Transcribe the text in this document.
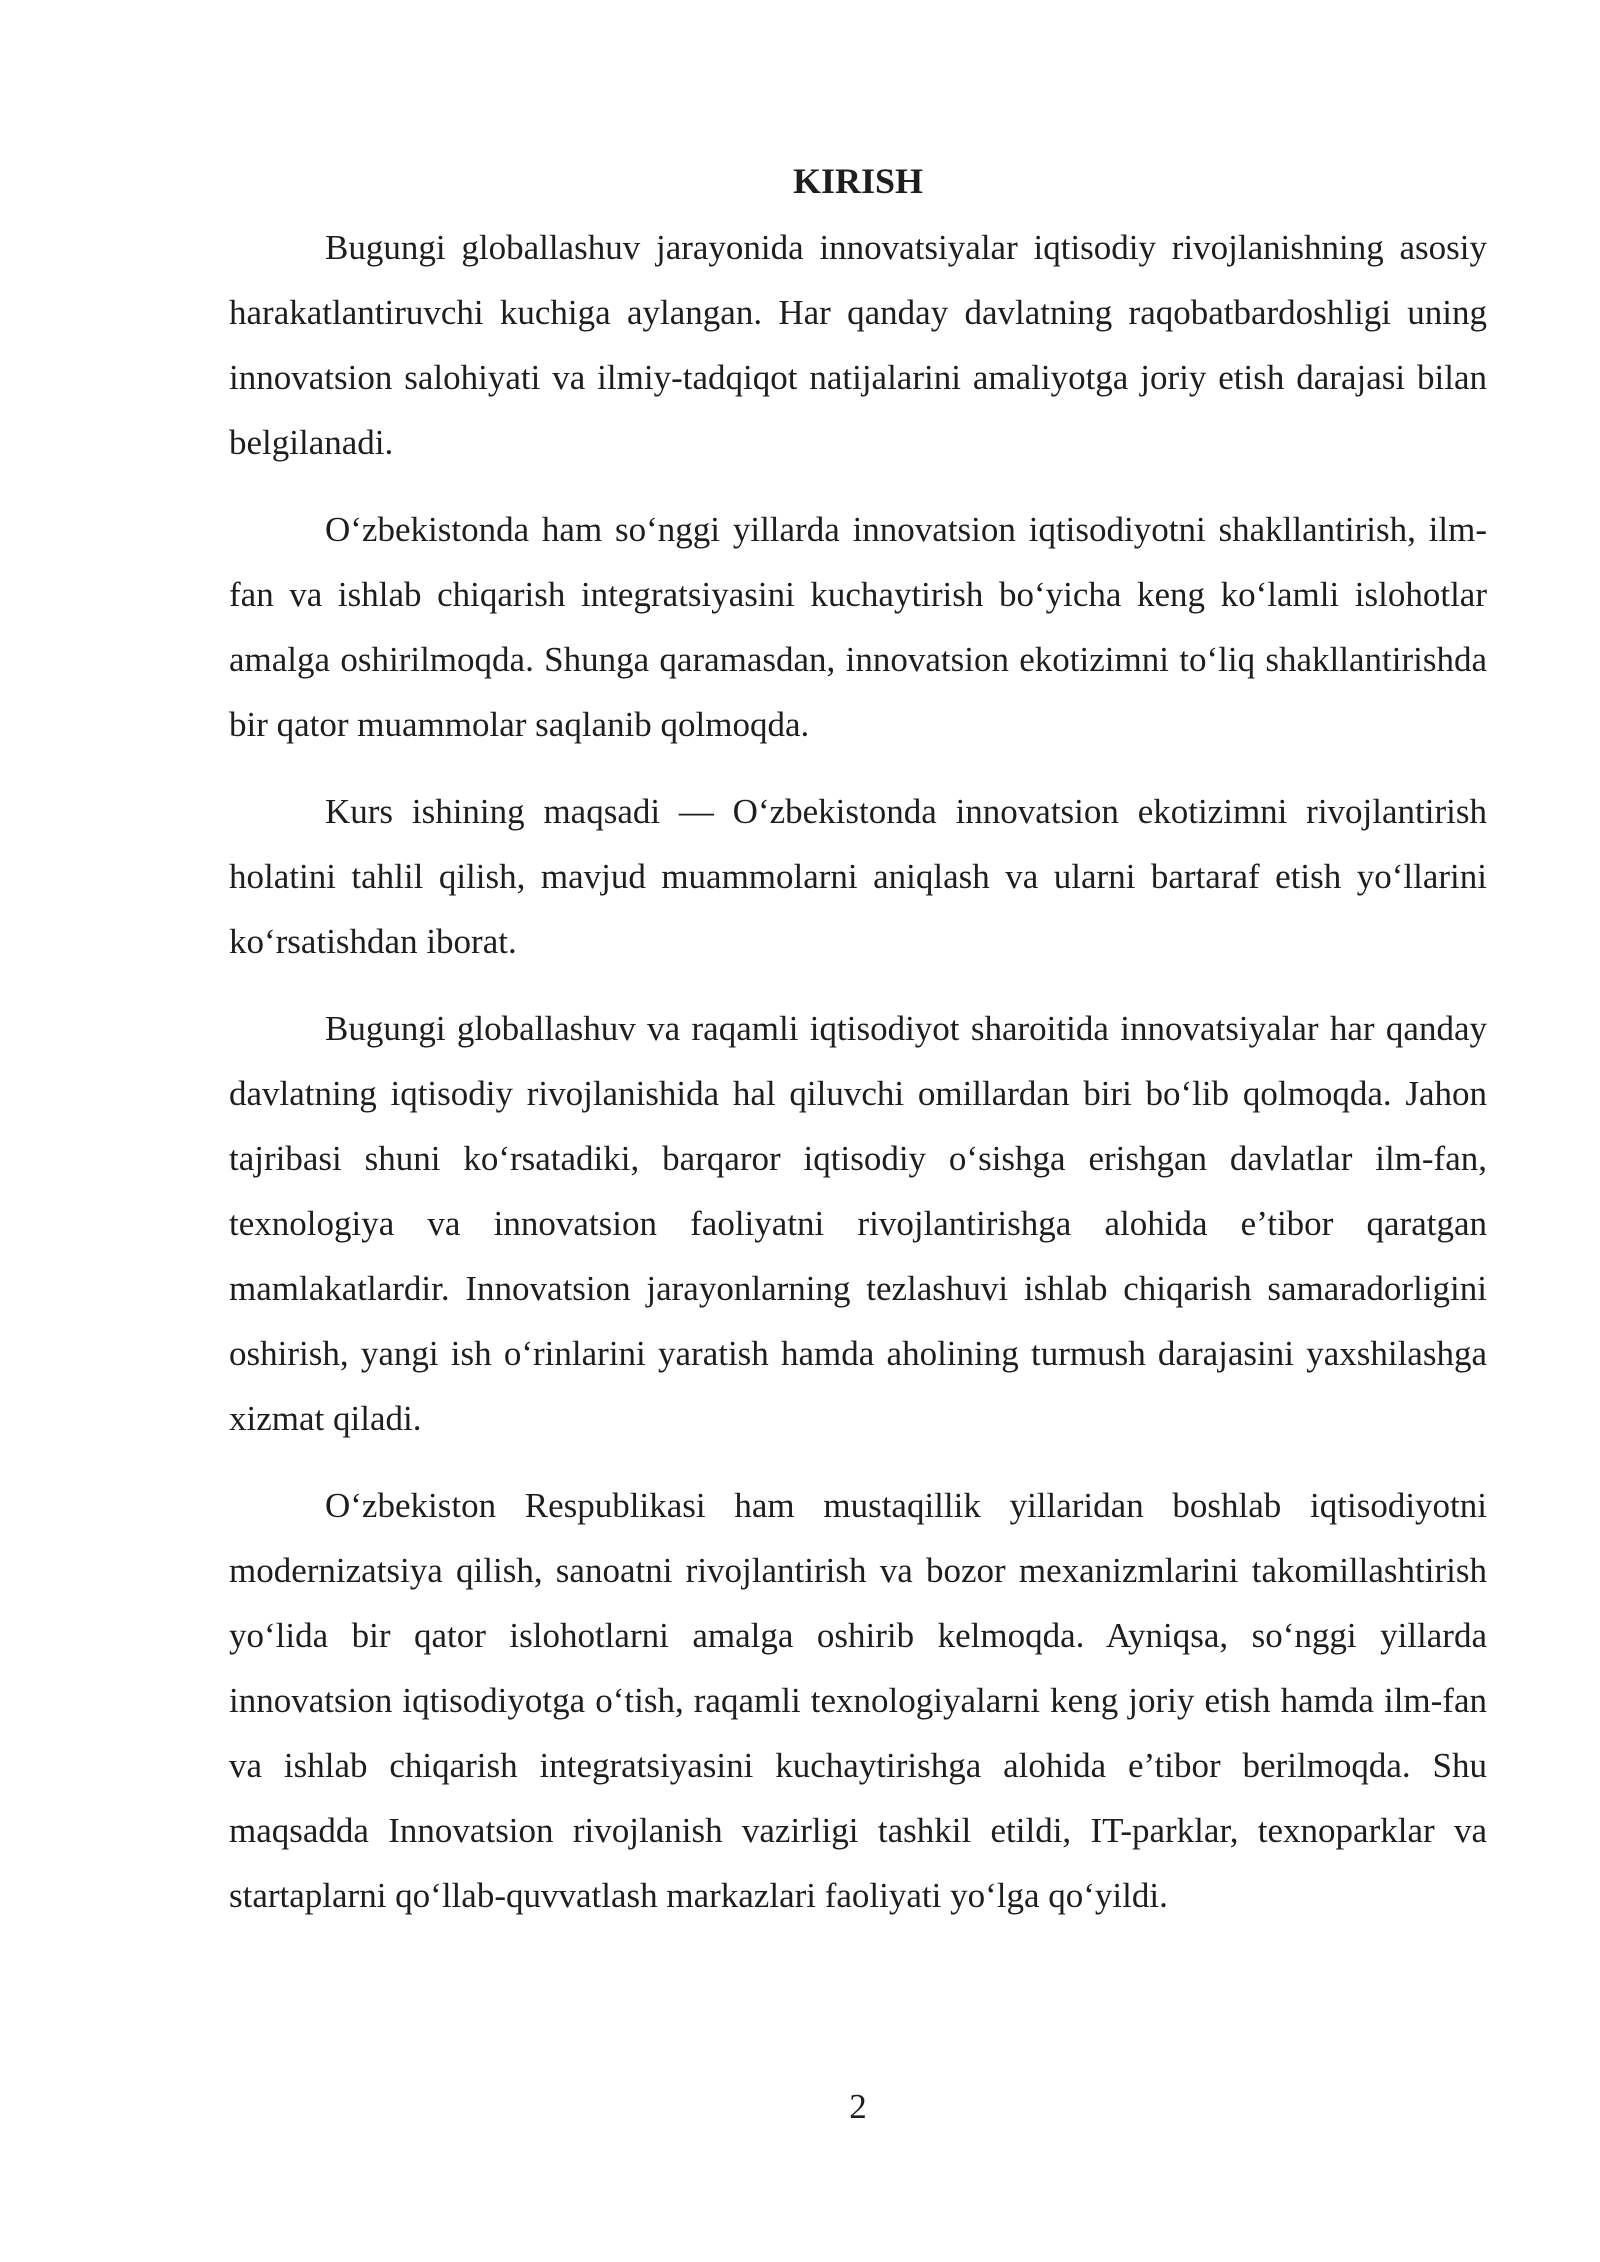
KIRISH

Bugungi globallashuv jarayonida innovatsiyalar iqtisodiy rivojlanishning asosiy harakatlantiruvchi kuchiga aylangan. Har qanday davlatning raqobatbardoshligi uning innovatsion salohiyati va ilmiy-tadqiqot natijalarini amaliyotga joriy etish darajasi bilan belgilanadi.

O‘zbekistonda ham so‘nggi yillarda innovatsion iqtisodiyotni shakllantirish, ilm-fan va ishlab chiqarish integratsiyasini kuchaytirish bo‘yicha keng ko‘lamli islohotlar amalga oshirilmoqda. Shunga qaramasdan, innovatsion ekotizimni to‘liq shakllantirishda bir qator muammolar saqlanib qolmoqda.

Kurs ishining maqsadi — O‘zbekistonda innovatsion ekotizimni rivojlantirish holatini tahlil qilish, mavjud muammolarni aniqlash va ularni bartaraf etish yo‘llarini ko‘rsatishdan iborat.

Bugungi globallashuv va raqamli iqtisodiyot sharoitida innovatsiyalar har qanday davlatning iqtisodiy rivojlanishida hal qiluvchi omillardan biri bo‘lib qolmoqda. Jahon tajribasi shuni ko‘rsatadiki, barqaror iqtisodiy o‘sishga erishgan davlatlar ilm-fan, texnologiya va innovatsion faoliyatni rivojlantirishga alohida e’tibor qaratgan mamlakatlardir. Innovatsion jarayonlarning tezlashuvi ishlab chiqarish samaradorligini oshirish, yangi ish o‘rinlarini yaratish hamda aholining turmush darajasini yaxshilashga xizmat qiladi.

O‘zbekiston Respublikasi ham mustaqillik yillaridan boshlab iqtisodiyotni modernizatsiya qilish, sanoatni rivojlantirish va bozor mexanizmlarini takomillashtirish yo‘lida bir qator islohotlarni amalga oshirib kelmoqda. Ayniqsa, so‘nggi yillarda innovatsion iqtisodiyotga o‘tish, raqamli texnologiyalarni keng joriy etish hamda ilm-fan va ishlab chiqarish integratsiyasini kuchaytirishga alohida e’tibor berilmoqda. Shu maqsadda Innovatsion rivojlanish vazirligi tashkil etildi, IT-parklar, texnoparklar va startaplarni qo‘llab-quvvatlash markazlari faoliyati yo‘lga qo‘yildi.

2
